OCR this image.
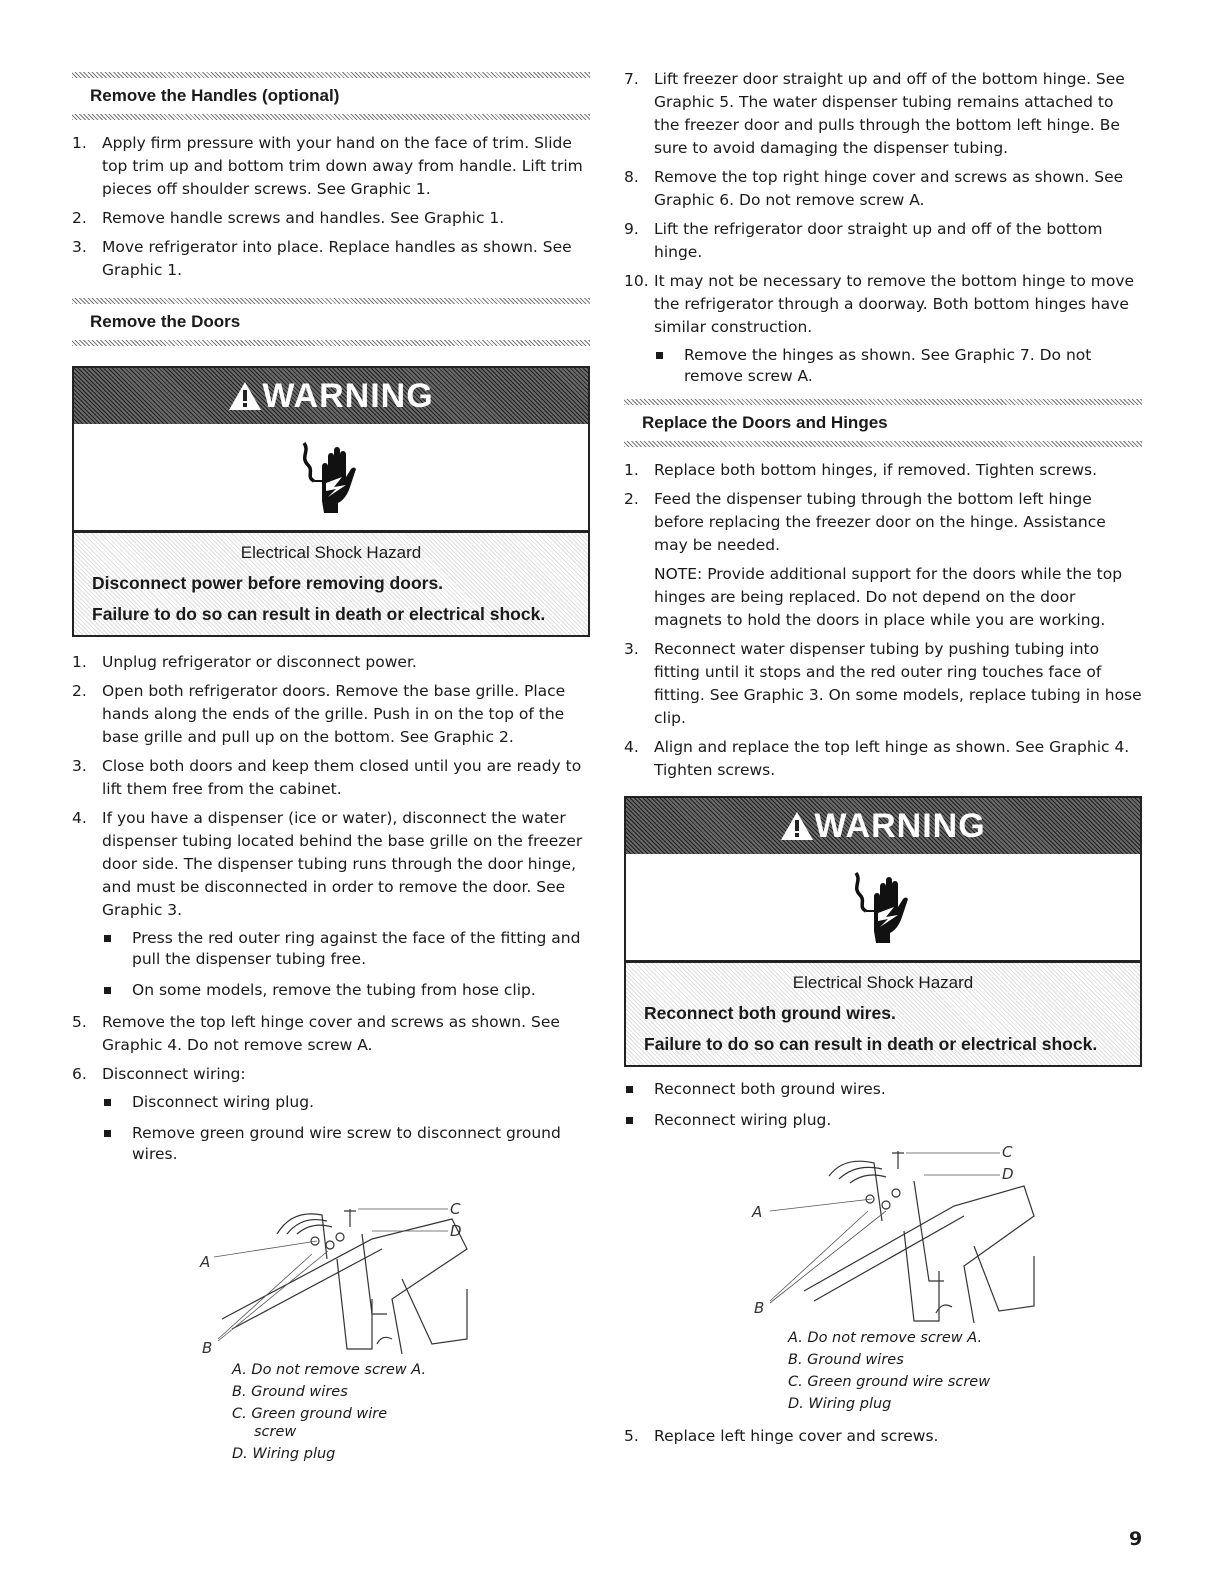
Remove the Handles (optional)
1. Apply firm pressure with your hand on the face of trim. Slide top trim up and bottom trim down away from handle. Lift trim pieces off shoulder screws. See Graphic 1.
2. Remove handle screws and handles. See Graphic 1.
3. Move refrigerator into place. Replace handles as shown. See Graphic 1.
Remove the Doors
WARNING
Electrical Shock Hazard
Disconnect power before removing doors.
Failure to do so can result in death or electrical shock.
1. Unplug refrigerator or disconnect power.
2. Open both refrigerator doors. Remove the base grille. Place hands along the ends of the grille. Push in on the top of the base grille and pull up on the bottom. See Graphic 2.
3. Close both doors and keep them closed until you are ready to lift them free from the cabinet.
4. If you have a dispenser (ice or water), disconnect the water dispenser tubing located behind the base grille on the freezer door side. The dispenser tubing runs through the door hinge, and must be disconnected in order to remove the door. See Graphic 3.
Press the red outer ring against the face of the fitting and pull the dispenser tubing free.
On some models, remove the tubing from hose clip.
5. Remove the top left hinge cover and screws as shown. See Graphic 4. Do not remove screw A.
6. Disconnect wiring:
Disconnect wiring plug.
Remove green ground wire screw to disconnect ground wires.
C
D
A
B
A. Do not remove screw A.
B. Ground wires
C. Green ground wire
screw
D. Wiring plug
7. Lift freezer door straight up and off of the bottom hinge. See Graphic 5. The water dispenser tubing remains attached to the freezer door and pulls through the bottom left hinge. Be sure to avoid damaging the dispenser tubing.
8. Remove the top right hinge cover and screws as shown. See Graphic 6. Do not remove screw A.
9. Lift the refrigerator door straight up and off of the bottom hinge.
10. It may not be necessary to remove the bottom hinge to move the refrigerator through a doorway. Both bottom hinges have similar construction.
Remove the hinges as shown. See Graphic 7. Do not remove screw A.
Replace the Doors and Hinges
1. Replace both bottom hinges, if removed. Tighten screws.
2. Feed the dispenser tubing through the bottom left hinge before replacing the freezer door on the hinge. Assistance may be needed.
NOTE: Provide additional support for the doors while the top hinges are being replaced. Do not depend on the door magnets to hold the doors in place while you are working.
3. Reconnect water dispenser tubing by pushing tubing into fitting until it stops and the red outer ring touches face of fitting. See Graphic 3. On some models, replace tubing in hose clip.
4. Align and replace the top left hinge as shown. See Graphic 4. Tighten screws.
WARNING
Electrical Shock Hazard
Reconnect both ground wires.
Failure to do so can result in death or electrical shock.
Reconnect both ground wires.
Reconnect wiring plug.
C
D
A
B
A. Do not remove screw A.
B. Ground wires
C. Green ground wire screw
D. Wiring plug
5. Replace left hinge cover and screws.
9
